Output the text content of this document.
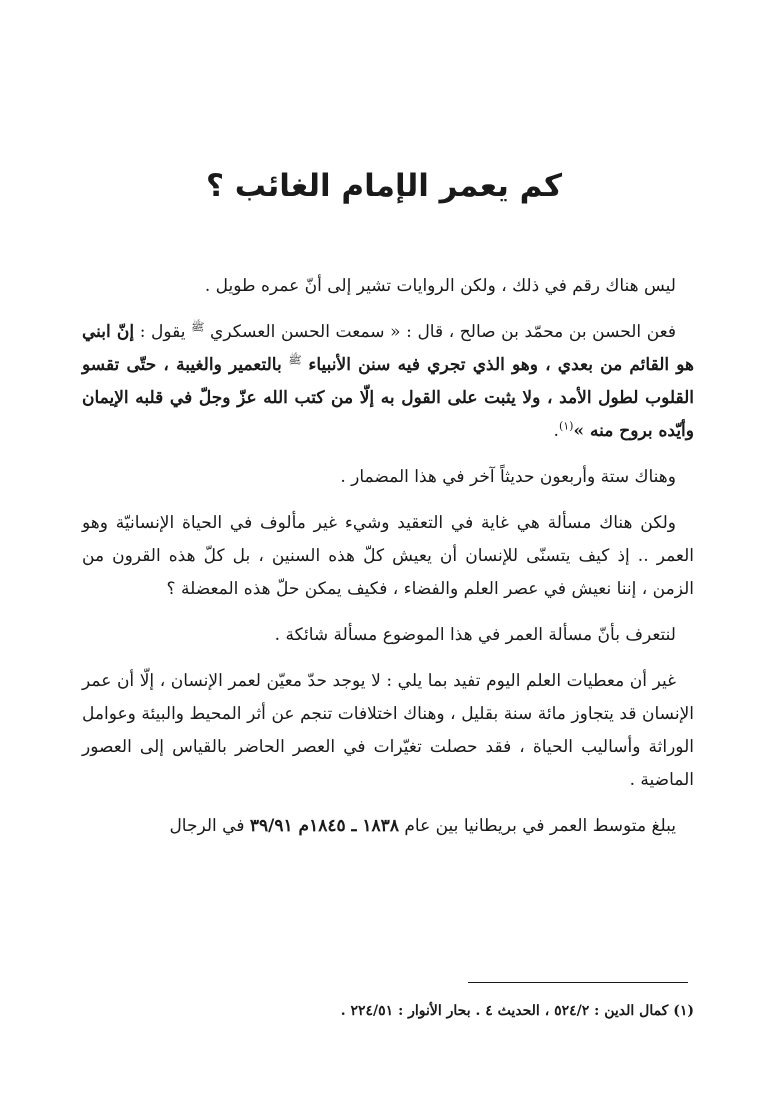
كم يعمر الإمام الغائب ؟

ليس هناك رقم في ذلك ، ولكن الروايات تشير إلى أنّ عمره طويل .

فعن الحسن بن محمّد بن صالح ، قال : « سمعت الحسن العسكري $^ﷺ$ يقول : إنّ ابني هو القائم من بعدي ، وهو الذي تجري فيه سنن الأنبياء $^ﷺ$ بالتعمير والغيبة ، حتّى تقسو القلوب لطول الأمد ، ولا يثبت على القول به إلّا من كتب الله عزّ وجلّ في قلبه الإيمان وأيّده بروح منه »$^{(١)}$.

وهناك ستة وأربعون حديثاً آخر في هذا المضمار .

ولكن هناك مسألة هي غاية في التعقيد وشيء غير مألوف في الحياة الإنسانيّة وهو العمر .. إذ كيف يتسنّى للإنسان أن يعيش كلّ هذه السنين ، بل كلّ هذه القرون من الزمن ، إننا نعيش في عصر العلم والفضاء ، فكيف يمكن حلّ هذه المعضلة ؟

لنتعرف بأنّ مسألة العمر في هذا الموضوع مسألة شائكة .

غير أن معطيات العلم اليوم تفيد بما يلي : لا يوجد حدّ معيّن لعمر الإنسان ، إلّا أن عمر الإنسان قد يتجاوز مائة سنة بقليل ، وهناك اختلافات تنجم عن أثر المحيط والبيئة وعوامل الوراثة وأساليب الحياة ، فقد حصلت تغيّرات في العصر الحاضر بالقياس إلى العصور الماضية .

يبلغ متوسط العمر في بريطانيا بين عام ١٨٣٨ ـ ١٨٤٥م ٣٩/٩١ في الرجال

(١) كمال الدين : ٥٢٤/٢ ، الحديث ٤ . بحار الأنوار : ٢٢٤/٥١ .
